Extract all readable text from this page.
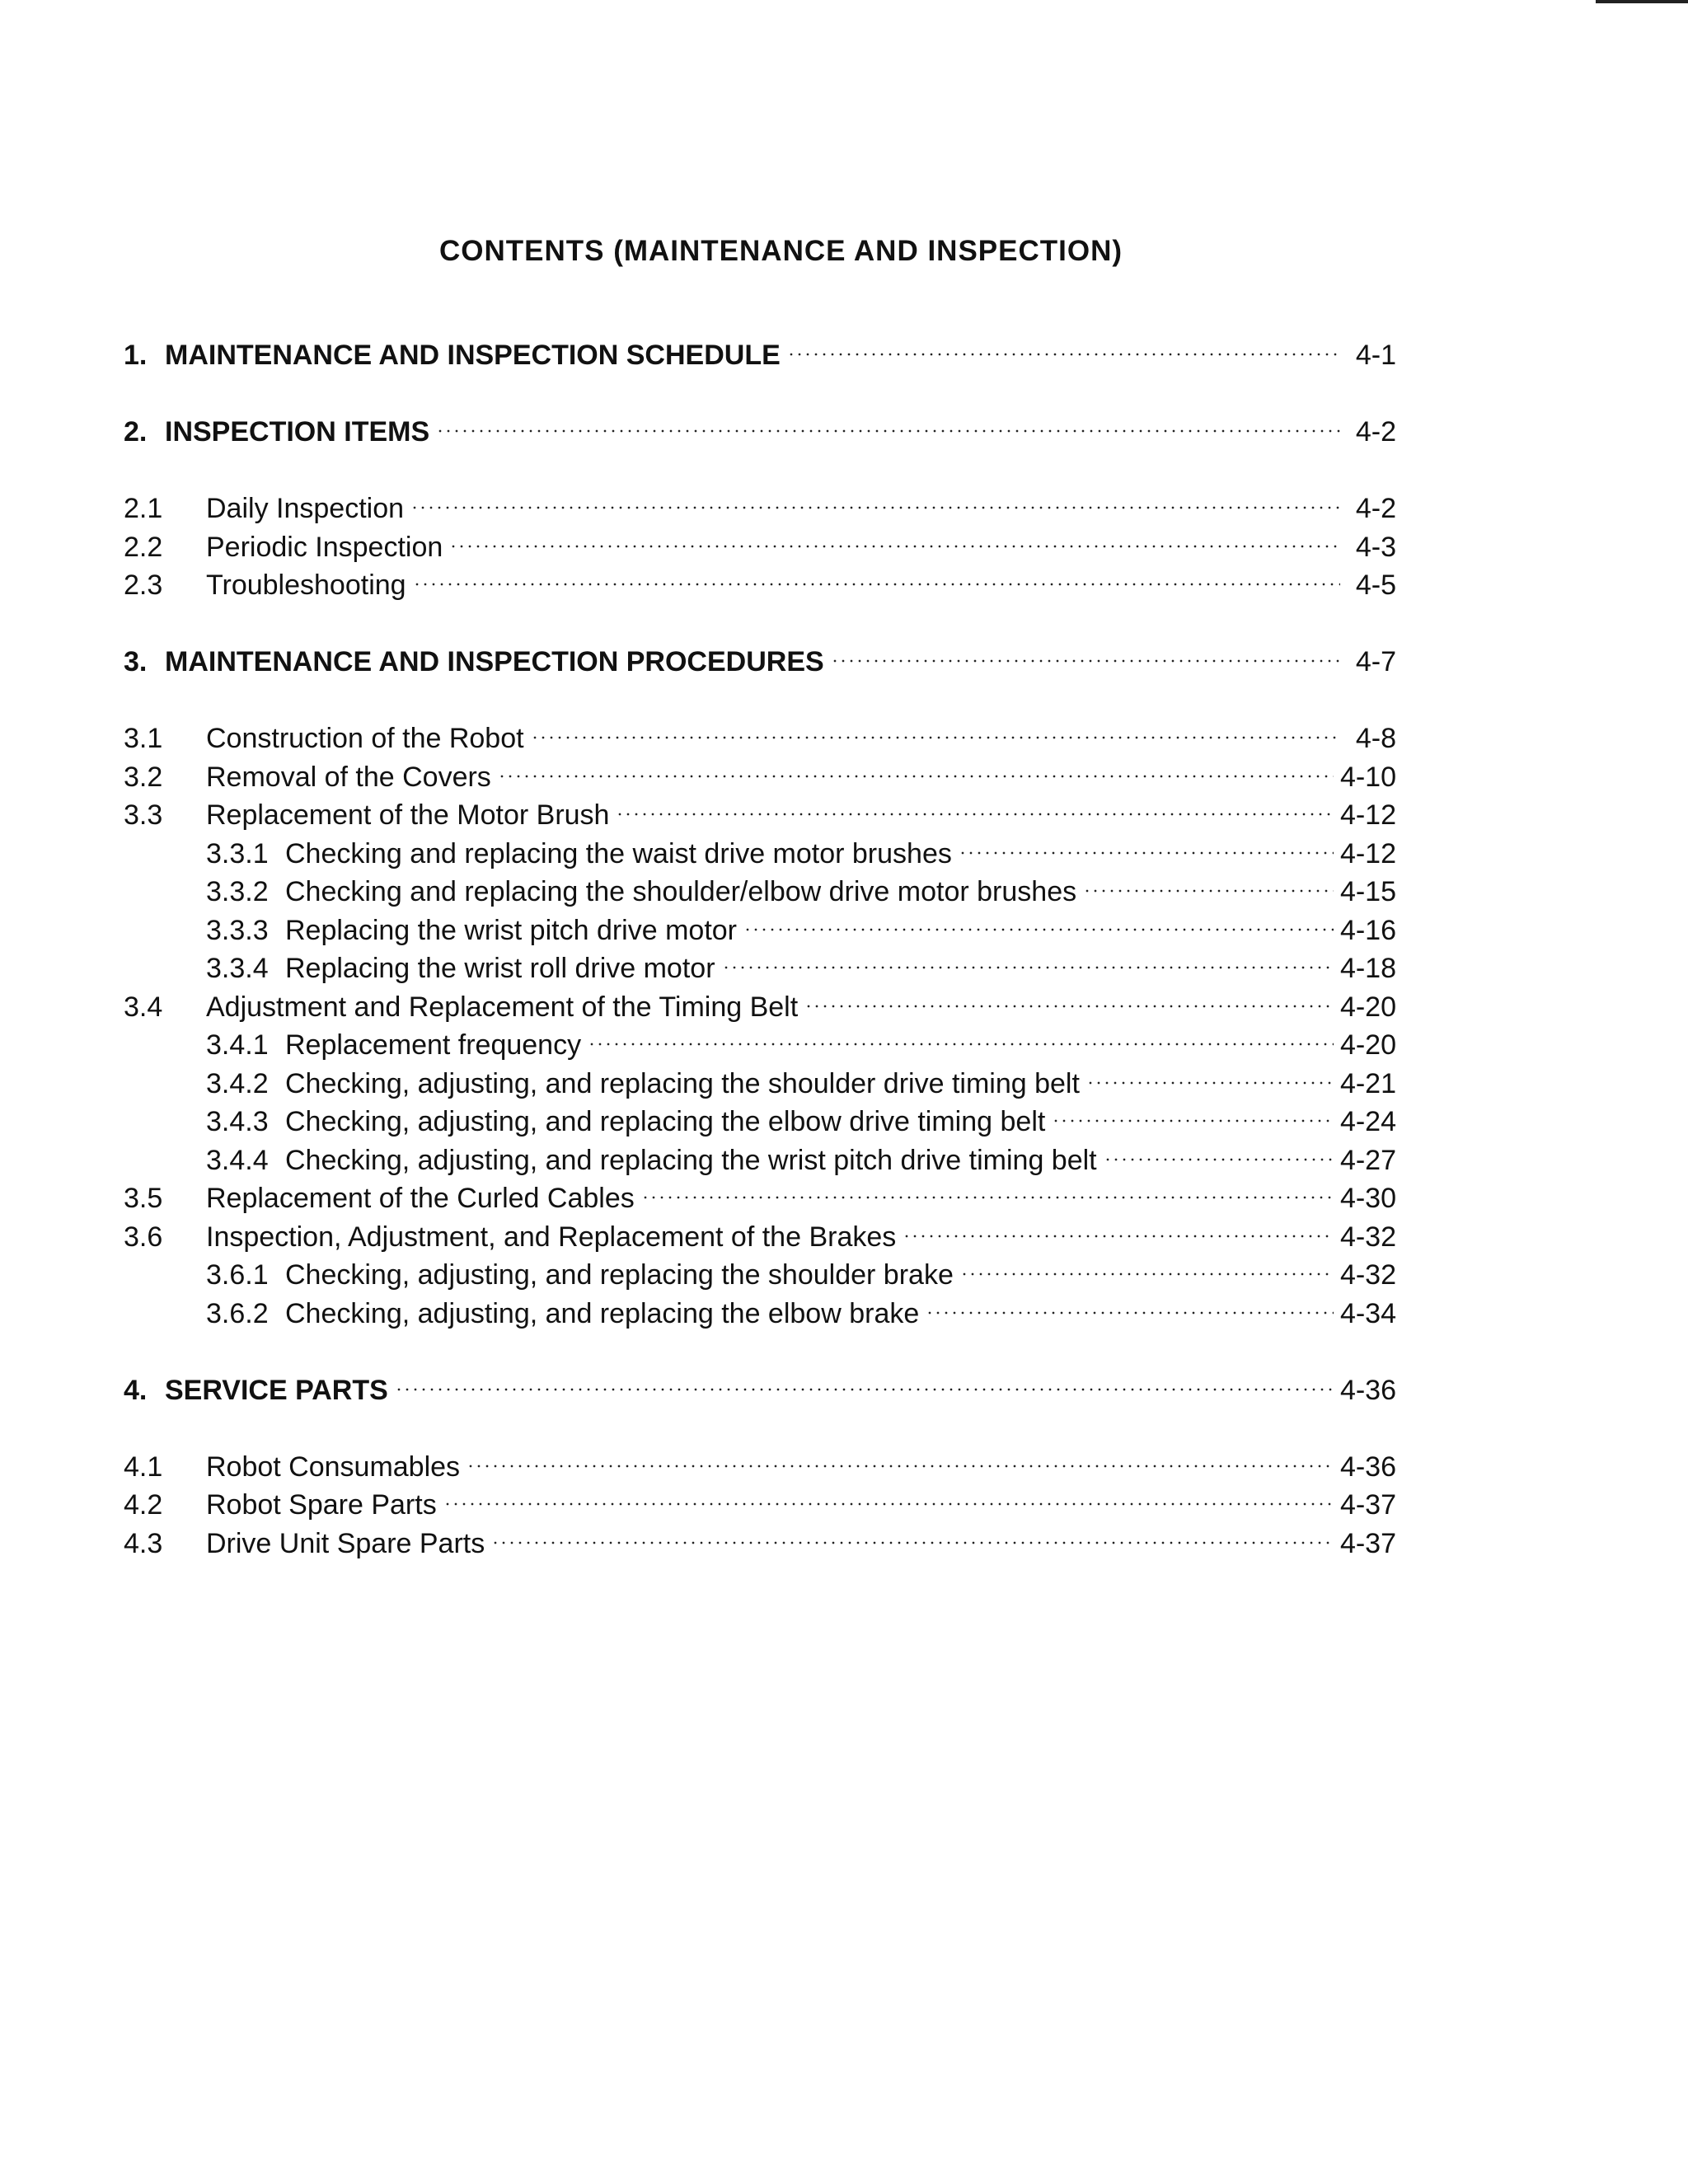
CONTENTS (MAINTENANCE AND INSPECTION)
1. MAINTENANCE AND INSPECTION SCHEDULE	4-1
2. INSPECTION ITEMS	4-2
2.1	Daily Inspection	4-2
2.2	Periodic Inspection	4-3
2.3	Troubleshooting	4-5
3. MAINTENANCE AND INSPECTION PROCEDURES	4-7
3.1	Construction of the Robot	4-8
3.2	Removal of the Covers	4-10
3.3	Replacement of the Motor Brush	4-12
3.3.1 Checking and replacing the waist drive motor brushes	4-12
3.3.2 Checking and replacing the shoulder/elbow drive motor brushes	4-15
3.3.3 Replacing the wrist pitch drive motor	4-16
3.3.4 Replacing the wrist roll drive motor	4-18
3.4	Adjustment and Replacement of the Timing Belt	4-20
3.4.1 Replacement frequency	4-20
3.4.2 Checking, adjusting, and replacing the shoulder drive timing belt	4-21
3.4.3 Checking, adjusting, and replacing the elbow drive timing belt	4-24
3.4.4 Checking, adjusting, and replacing the wrist pitch drive timing belt	4-27
3.5	Replacement of the Curled Cables	4-30
3.6	Inspection, Adjustment, and Replacement of the Brakes	4-32
3.6.1 Checking, adjusting, and replacing the shoulder brake	4-32
3.6.2 Checking, adjusting, and replacing the elbow brake	4-34
4. SERVICE PARTS	4-36
4.1	Robot Consumables	4-36
4.2	Robot Spare Parts	4-37
4.3	Drive Unit Spare Parts	4-37
